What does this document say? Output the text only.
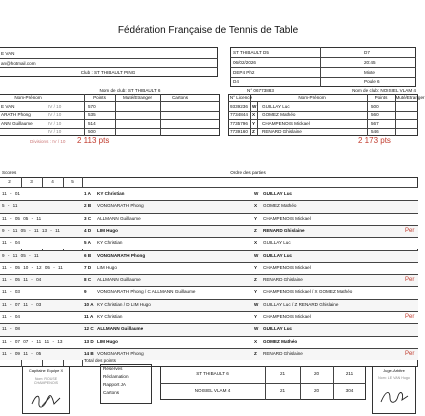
Fédération Française de Tennis de Table
E VAN
an@hotmail.com
Club : ST THIBAULT PING
ST THIBAULT D5
06/02/2026
DEP4 Ph2
D4
D7
20:45
Mixte
Poule 6
Nom de club: ST THIBAULT 6
Nom-Prénom	Points	Muté/Etranger	Cartons
E VAN	IV / 10	570
ARATH Phong	IV / 10	535
ANN Guillaume	IV / 10	514
IV / 10	500
Divisions : IV / 10 2 113 pts
N° 06773883	Nom de club: NOISIEL VLAM 4
N° Licence	Nom-Prénom	Points	Muté/Etranger
9339236 W GUILLAY Luc	500
7734844 X GOMEZ Mathéo	560
7735796 Y CHAMPENOIS Mickael	567
7739160 Z RENARD Ghislaine	546
2 173 pts
Scores	Ordre des parties
2	3	4	5
11 - 01	1 A KY Christian	W GUILLAY Luc
5 - 11	2 B VONGNARATH Phong	X GOMEZ Mathéo
11 - 05 05 - 11	3 C ALLMANN Guillaume	Y CHAMPENOIS Mickael
9 - 11 05 - 11 13 - 11	4 D LIM Hugo	Z RENARD Ghislaine	Per
11 - 04	5 A KY Christian	X GUILLAY Luc
9 - 11 05 - 11	6 B VONGNARATH Phong	W GUILLAY Luc
11 - 05 10 - 12 05 - 11	7 D LIM Hugo	Y CHAMPENOIS Mickael
11 - 05 11 - 04	8 C ALLMANN Guillaume	Z RENARD Ghislaine	Per
11 - 03	9 VONGNARATH Phong / C ALLMANN Guillaume	Y CHAMPENOIS Mickael / X GOMEZ Mathéo
11 - 07 11 - 03	10 A KY Christian / D LIM Hugo	W GUILLAY Luc / Z RENARD Ghislaine
11 - 04	11 A KY Christian	Y CHAMPENOIS Mickael	Per
11 - 08	12 C ALLMANN Guillaume	W GUILLAY Luc
11 - 07 07 - 11 11 - 13	13 D LIM Hugo	X GOMEZ Mathéo
11 - 09 11 - 05	14 B VONGNARATH Phong	Z RENARD Ghislaine	Per
Total des points
Capitaine Equipe X
Nom: ROUSE
CHAMPENOIS
Réserves
Réclamation
Rapport JA
Cartons
ST THIBAULT 6	21	20	211
NOISIEL VLAM 4	21	20	304
Juge-Arbitre
Nom: LE VAN Hugo
